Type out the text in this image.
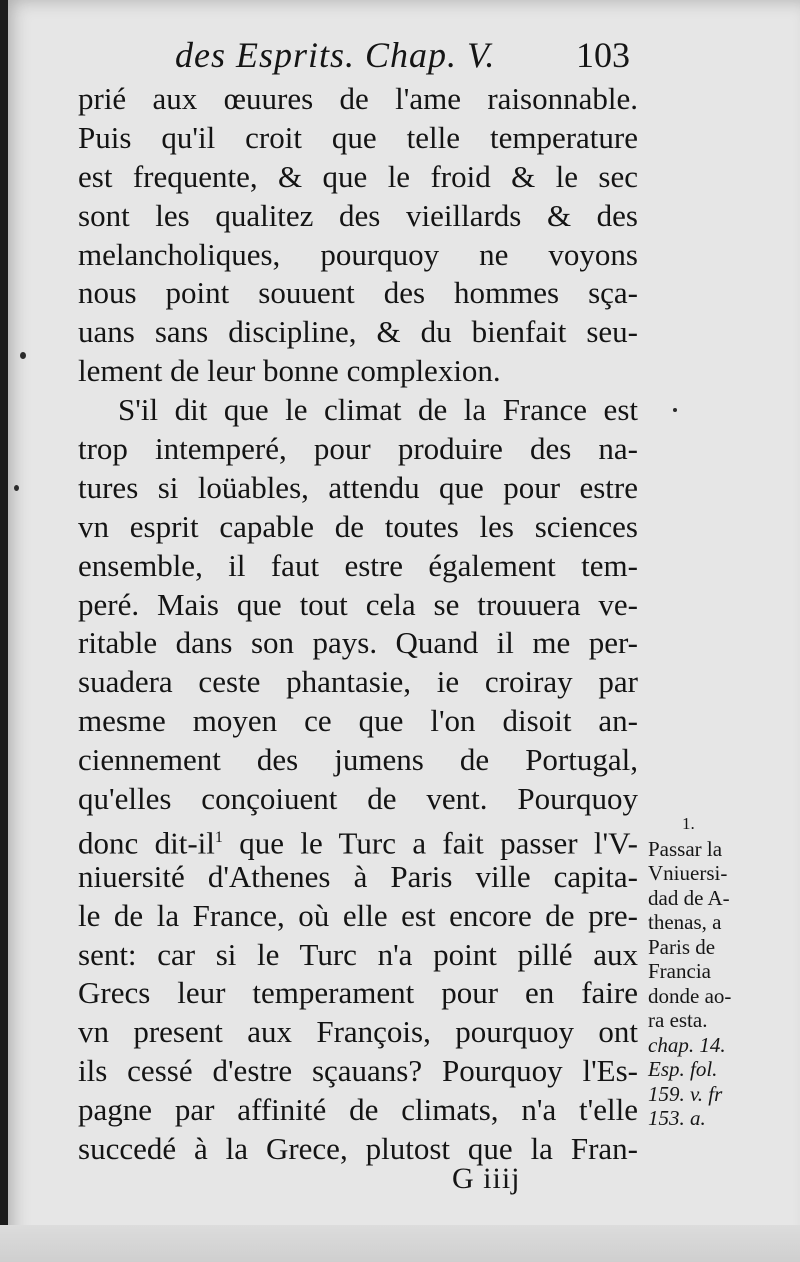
des Esprits. Chap. V. 103
prié aux œuures de l'ame raisonnable.
Puis qu'il croit que telle temperature
est frequente, & que le froid & le sec
sont les qualitez des vieillards & des
melancholiques, pourquoy ne voyons
nous point souuent des hommes sça-
uans sans discipline, & du bienfait seu-
lement de leur bonne complexion.
S'il dit que le climat de la France est
trop intemperé, pour produire des na-
tures si loüables, attendu que pour estre
vn esprit capable de toutes les sciences
ensemble, il faut estre également tem-
peré. Mais que tout cela se trouuera ve-
ritable dans son pays. Quand il me per-
suadera ceste phantasie, ie croiray par
mesme moyen ce que l'on disoit an-
ciennement des jumens de Portugal,
qu'elles conçoiuent de vent. Pourquoy
donc dit-$il^1$ que le Turc a fait passer l'V-
niuersité d'Athenes à Paris ville capita-
le de la France, où elle est encore de pre-
sent: car si le Turc n'a point pillé aux
Grecs leur temperament pour en faire
vn present aux François, pourquoy ont
ils cessé d'estre sçauans? Pourquoy l'Es-
pagne par affinité de climats, n'a t'elle
succedé à la Grece, plutost que la Fran-
1.
Passar la
Vniuersi-
dad de A-
thenas, a
Paris de
Francia
donde ao-
ra esta.
chap. 14.
Esp. fol.
159. v. fr
153. a.
G iiij
